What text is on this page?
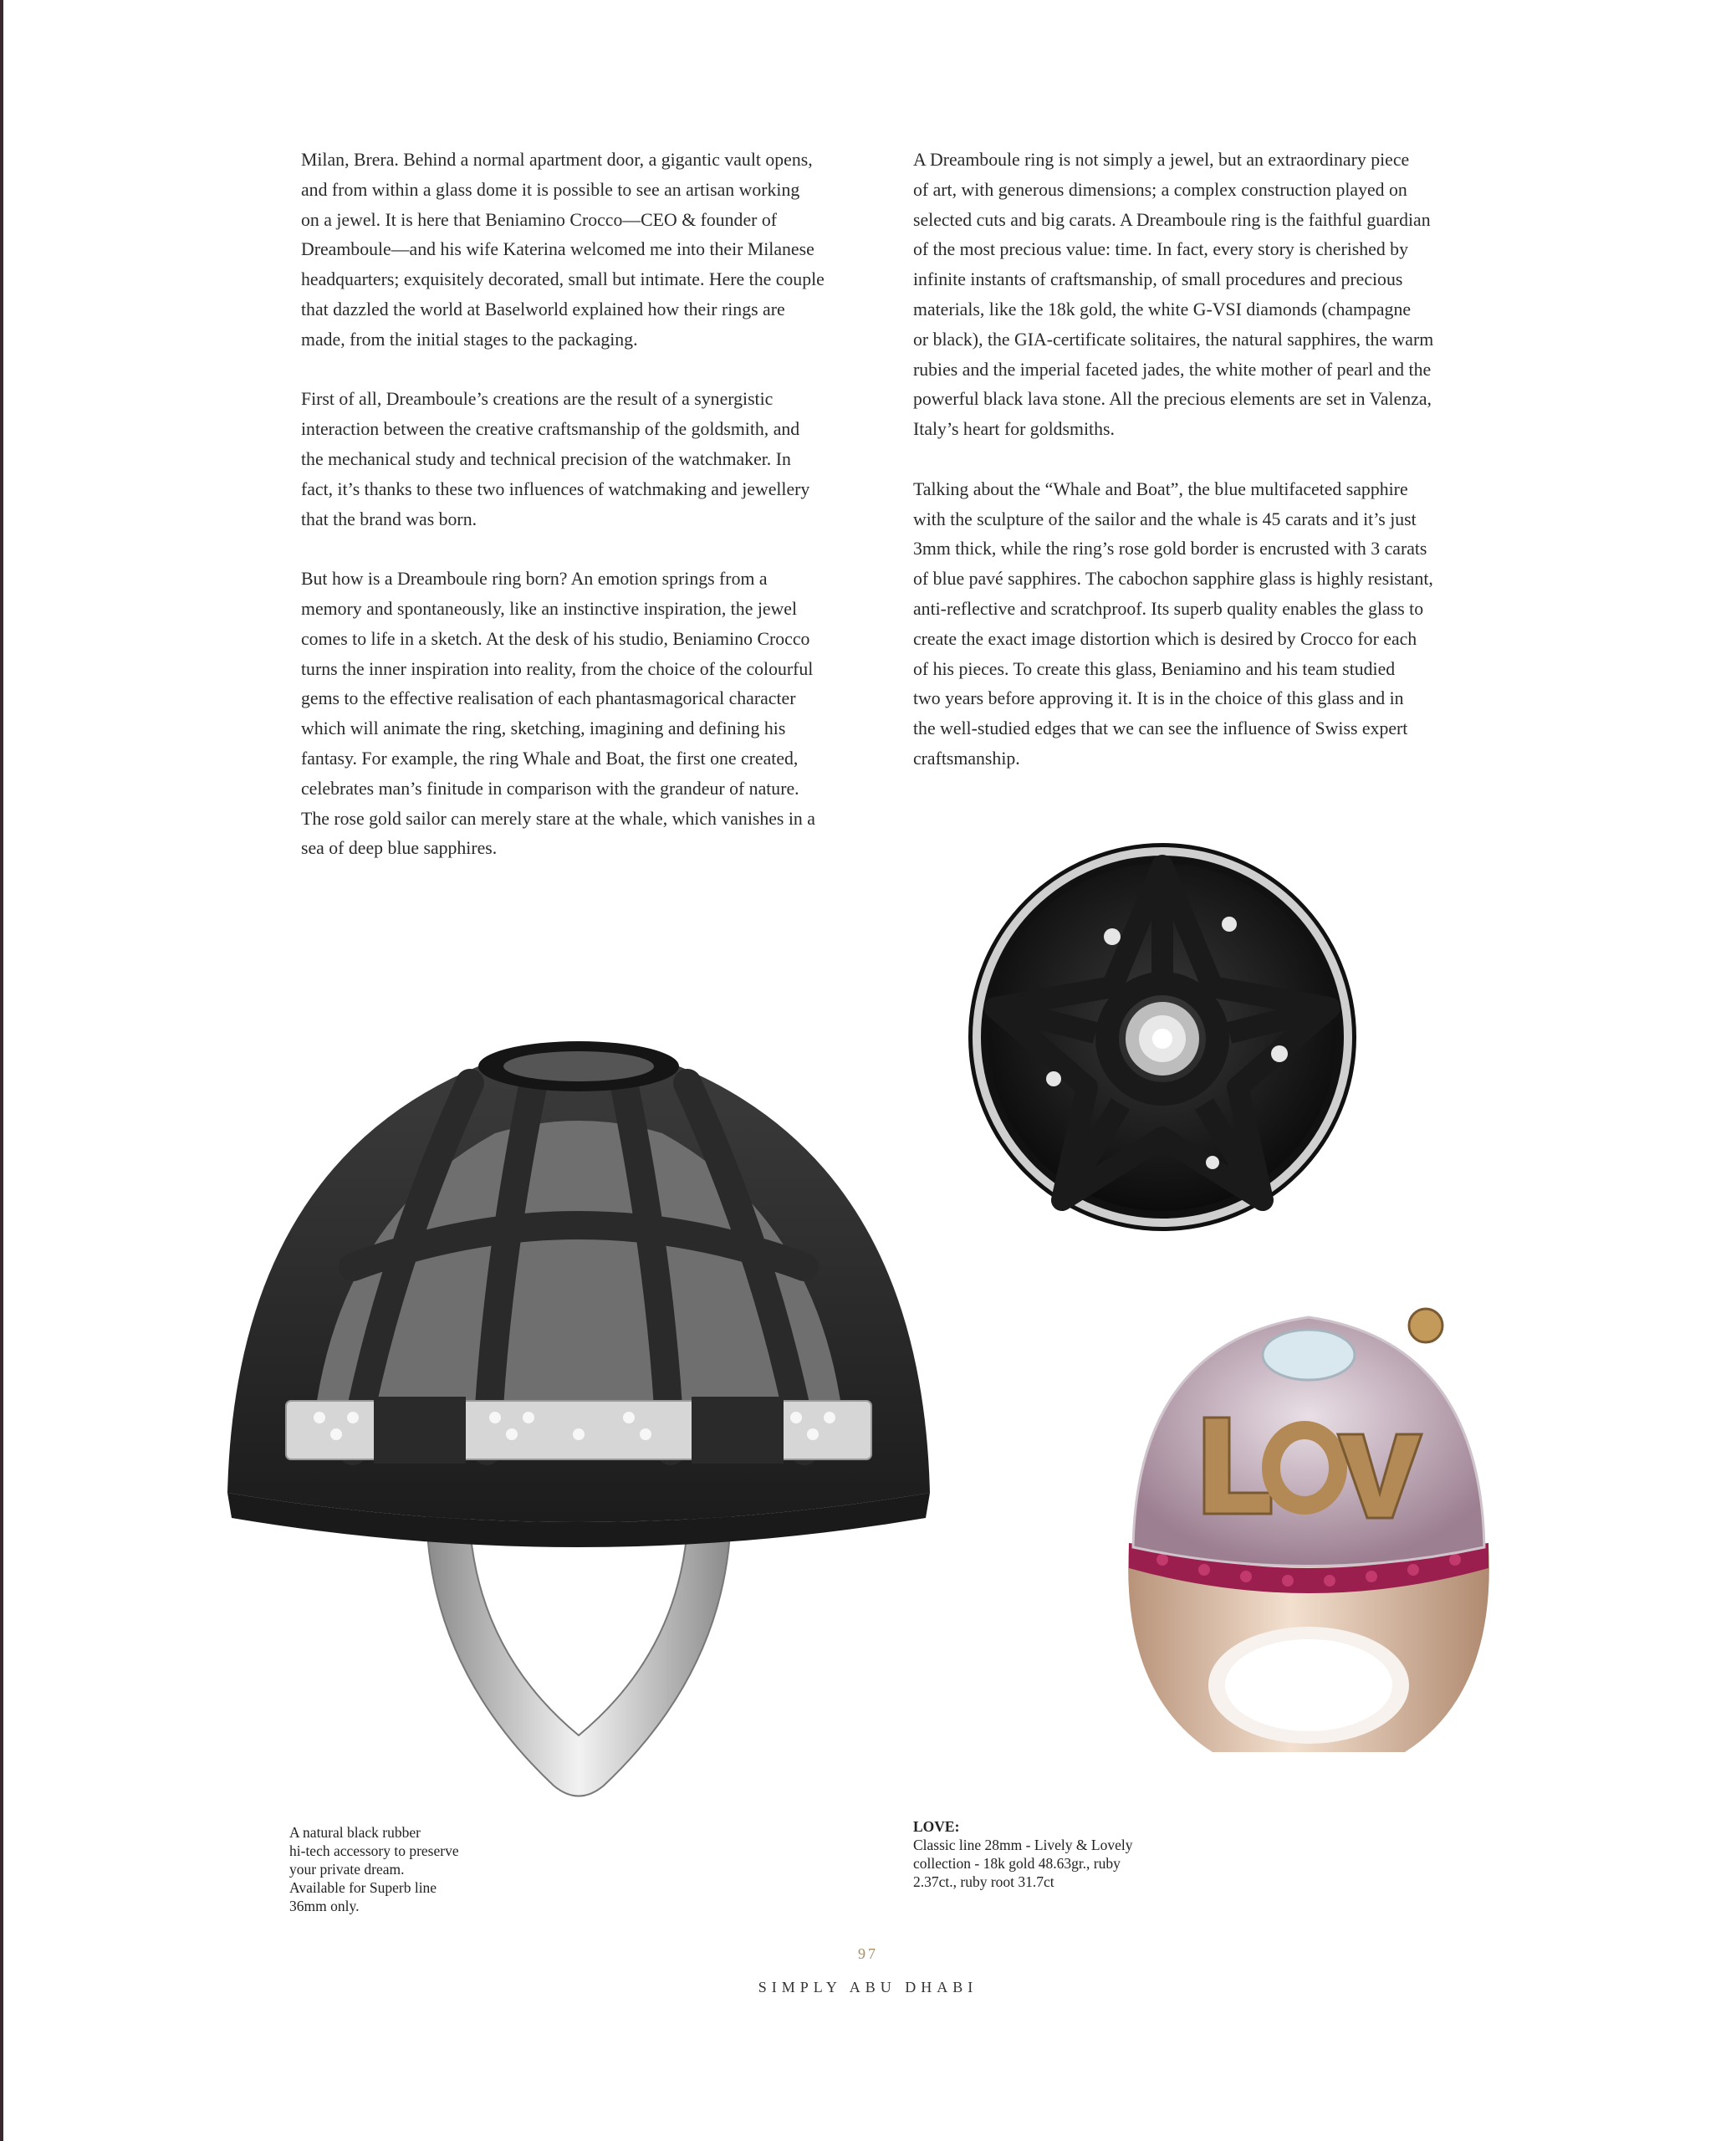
Milan, Brera. Behind a normal apartment door, a gigantic vault opens,
and from within a glass dome it is possible to see an artisan working
on a jewel. It is here that Beniamino Crocco—CEO & founder of
Dreamboule—and his wife Katerina welcomed me into their Milanese
headquarters; exquisitely decorated, small but intimate. Here the couple
that dazzled the world at Baselworld explained how their rings are
made, from the initial stages to the packaging.

First of all, Dreamboule’s creations are the result of a synergistic
interaction between the creative craftsmanship of the goldsmith, and
the mechanical study and technical precision of the watchmaker. In
fact, it’s thanks to these two influences of watchmaking and jewellery
that the brand was born.

But how is a Dreamboule ring born? An emotion springs from a
memory and spontaneously, like an instinctive inspiration, the jewel
comes to life in a sketch. At the desk of his studio, Beniamino Crocco
turns the inner inspiration into reality, from the choice of the colourful
gems to the effective realisation of each phantasmagorical character
which will animate the ring, sketching, imagining and defining his
fantasy. For example, the ring Whale and Boat, the first one created,
celebrates man’s finitude in comparison with the grandeur of nature.
The rose gold sailor can merely stare at the whale, which vanishes in a
sea of deep blue sapphires.

A Dreamboule ring is not simply a jewel, but an extraordinary piece
of art, with generous dimensions; a complex construction played on
selected cuts and big carats. A Dreamboule ring is the faithful guardian
of the most precious value: time. In fact, every story is cherished by
infinite instants of craftsmanship, of small procedures and precious
materials, like the 18k gold, the white G-VSI diamonds (champagne
or black), the GIA-certificate solitaires, the natural sapphires, the warm
rubies and the imperial faceted jades, the white mother of pearl and the
powerful black lava stone. All the precious elements are set in Valenza,
Italy’s heart for goldsmiths.

Talking about the “Whale and Boat”, the blue multifaceted sapphire
with the sculpture of the sailor and the whale is 45 carats and it’s just
3mm thick, while the ring’s rose gold border is encrusted with 3 carats
of blue pavé sapphires. The cabochon sapphire glass is highly resistant,
anti-reflective and scratchproof. Its superb quality enables the glass to
create the exact image distortion which is desired by Crocco for each
of his pieces. To create this glass, Beniamino and his team studied
two years before approving it. It is in the choice of this glass and in
the well-studied edges that we can see the influence of Swiss expert
craftsmanship.

A natural black rubber
hi-tech accessory to preserve
your private dream.
Available for Superb line
36mm only.
LOVE:
Classic line 28mm - Lively & Lovely
collection - 18k gold 48.63gr., ruby
2.37ct., ruby root 31.7ct
97
SIMPLY ABU DHABI
